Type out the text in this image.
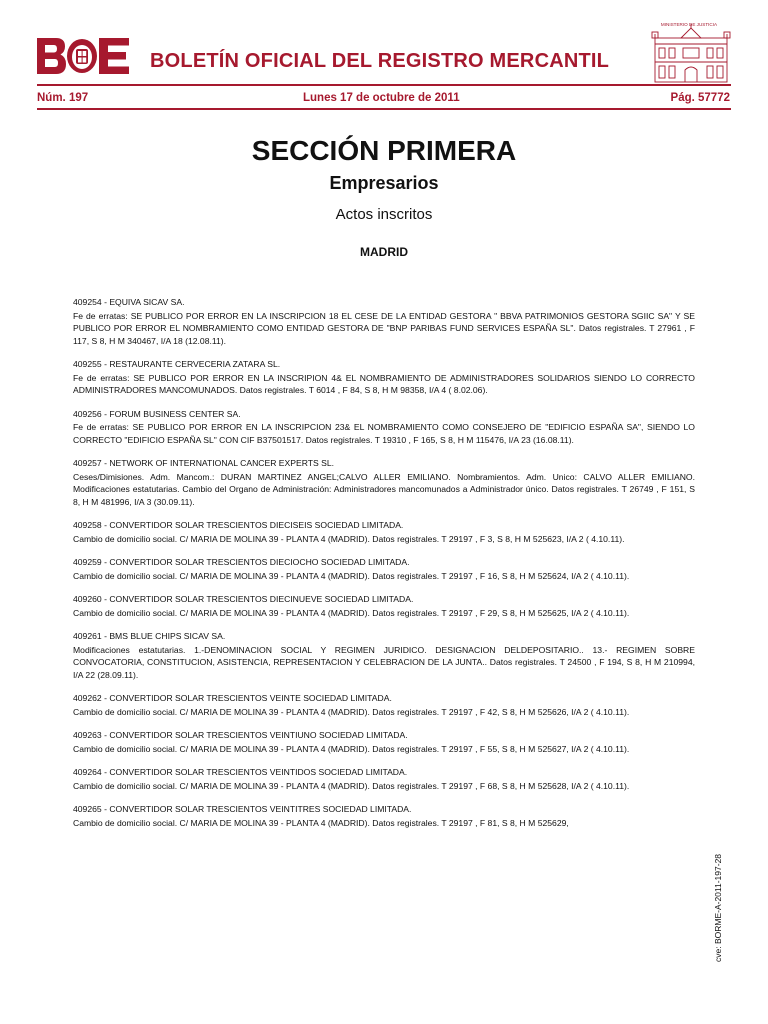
BOLETÍN OFICIAL DEL REGISTRO MERCANTIL
MINISTERIO DE JUSTICIA
Núm. 197	Lunes 17 de octubre de 2011	Pág. 57772
SECCIÓN PRIMERA
Empresarios
Actos inscritos
MADRID

409254 - EQUIVA SICAV SA.

Fe de erratas: SE PUBLICO POR ERROR EN LA INSCRIPCION 18 EL CESE DE LA ENTIDAD GESTORA " BBVA PATRIMONIOS GESTORA SGIIC SA" Y SE PUBLICO POR ERROR EL NOMBRAMIENTO COMO ENTIDAD GESTORA DE "BNP PARIBAS FUND SERVICES ESPAÑA SL". Datos registrales. T 27961 , F 117, S 8, H M 340467, I/A 18 (12.08.11).

409255 - RESTAURANTE CERVECERIA ZATARA SL.

Fe de erratas: SE PUBLICO POR ERROR EN LA INSCRIPION 4& EL NOMBRAMIENTO DE ADMINISTRADORES SOLIDARIOS SIENDO LO CORRECTO ADMINISTRADORES MANCOMUNADOS. Datos registrales. T 6014 , F 84, S 8, H M 98358, I/A 4 ( 8.02.06).

409256 - FORUM BUSINESS CENTER SA.

Fe de erratas: SE PUBLICO POR ERROR EN LA INSCRIPCION 23& EL NOMBRAMIENTO COMO CONSEJERO DE "EDIFICIO ESPAÑA SA", SIENDO LO CORRECTO "EDIFICIO ESPAÑA SL" CON CIF B37501517. Datos registrales. T 19310 , F 165, S 8, H M 115476, I/A 23 (16.08.11).

409257 - NETWORK OF INTERNATIONAL CANCER EXPERTS SL.

Ceses/Dimisiones. Adm. Mancom.: DURAN MARTINEZ ANGEL;CALVO ALLER EMILIANO. Nombramientos. Adm. Unico: CALVO ALLER EMILIANO. Modificaciones estatutarias. Cambio del Organo de Administración: Administradores mancomunados a Administrador único. Datos registrales. T 26749 , F 151, S 8, H M 481996, I/A 3 (30.09.11).

409258 - CONVERTIDOR SOLAR TRESCIENTOS DIECISEIS SOCIEDAD LIMITADA.

Cambio de domicilio social. C/ MARIA DE MOLINA 39 - PLANTA 4 (MADRID). Datos registrales. T 29197 , F 3, S 8, H M 525623, I/A 2 ( 4.10.11).

409259 - CONVERTIDOR SOLAR TRESCIENTOS DIECIOCHO SOCIEDAD LIMITADA.

Cambio de domicilio social. C/ MARIA DE MOLINA 39 - PLANTA 4 (MADRID). Datos registrales. T 29197 , F 16, S 8, H M 525624, I/A 2 ( 4.10.11).

409260 - CONVERTIDOR SOLAR TRESCIENTOS DIECINUEVE SOCIEDAD LIMITADA.

Cambio de domicilio social. C/ MARIA DE MOLINA 39 - PLANTA 4 (MADRID). Datos registrales. T 29197 , F 29, S 8, H M 525625, I/A 2 ( 4.10.11).

409261 - BMS BLUE CHIPS SICAV SA.

Modificaciones estatutarias. 1.-DENOMINACION SOCIAL Y REGIMEN JURIDICO. DESIGNACION DELDEPOSITARIO.. 13.- REGIMEN SOBRE CONVOCATORIA, CONSTITUCION, ASISTENCIA, REPRESENTACION Y CELEBRACION DE LA JUNTA.. Datos registrales. T 24500 , F 194, S 8, H M 210994, I/A 22 (28.09.11).

409262 - CONVERTIDOR SOLAR TRESCIENTOS VEINTE SOCIEDAD LIMITADA.

Cambio de domicilio social. C/ MARIA DE MOLINA 39 - PLANTA 4 (MADRID). Datos registrales. T 29197 , F 42, S 8, H M 525626, I/A 2 ( 4.10.11).

409263 - CONVERTIDOR SOLAR TRESCIENTOS VEINTIUNO SOCIEDAD LIMITADA.

Cambio de domicilio social. C/ MARIA DE MOLINA 39 - PLANTA 4 (MADRID). Datos registrales. T 29197 , F 55, S 8, H M 525627, I/A 2 ( 4.10.11).

409264 - CONVERTIDOR SOLAR TRESCIENTOS VEINTIDOS SOCIEDAD LIMITADA.

Cambio de domicilio social. C/ MARIA DE MOLINA 39 - PLANTA 4 (MADRID). Datos registrales. T 29197 , F 68, S 8, H M 525628, I/A 2 ( 4.10.11).

409265 - CONVERTIDOR SOLAR TRESCIENTOS VEINTITRES SOCIEDAD LIMITADA.

Cambio de domicilio social. C/ MARIA DE MOLINA 39 - PLANTA 4 (MADRID). Datos registrales. T 29197 , F 81, S 8, H M 525629,

cve: BORME-A-2011-197-28
